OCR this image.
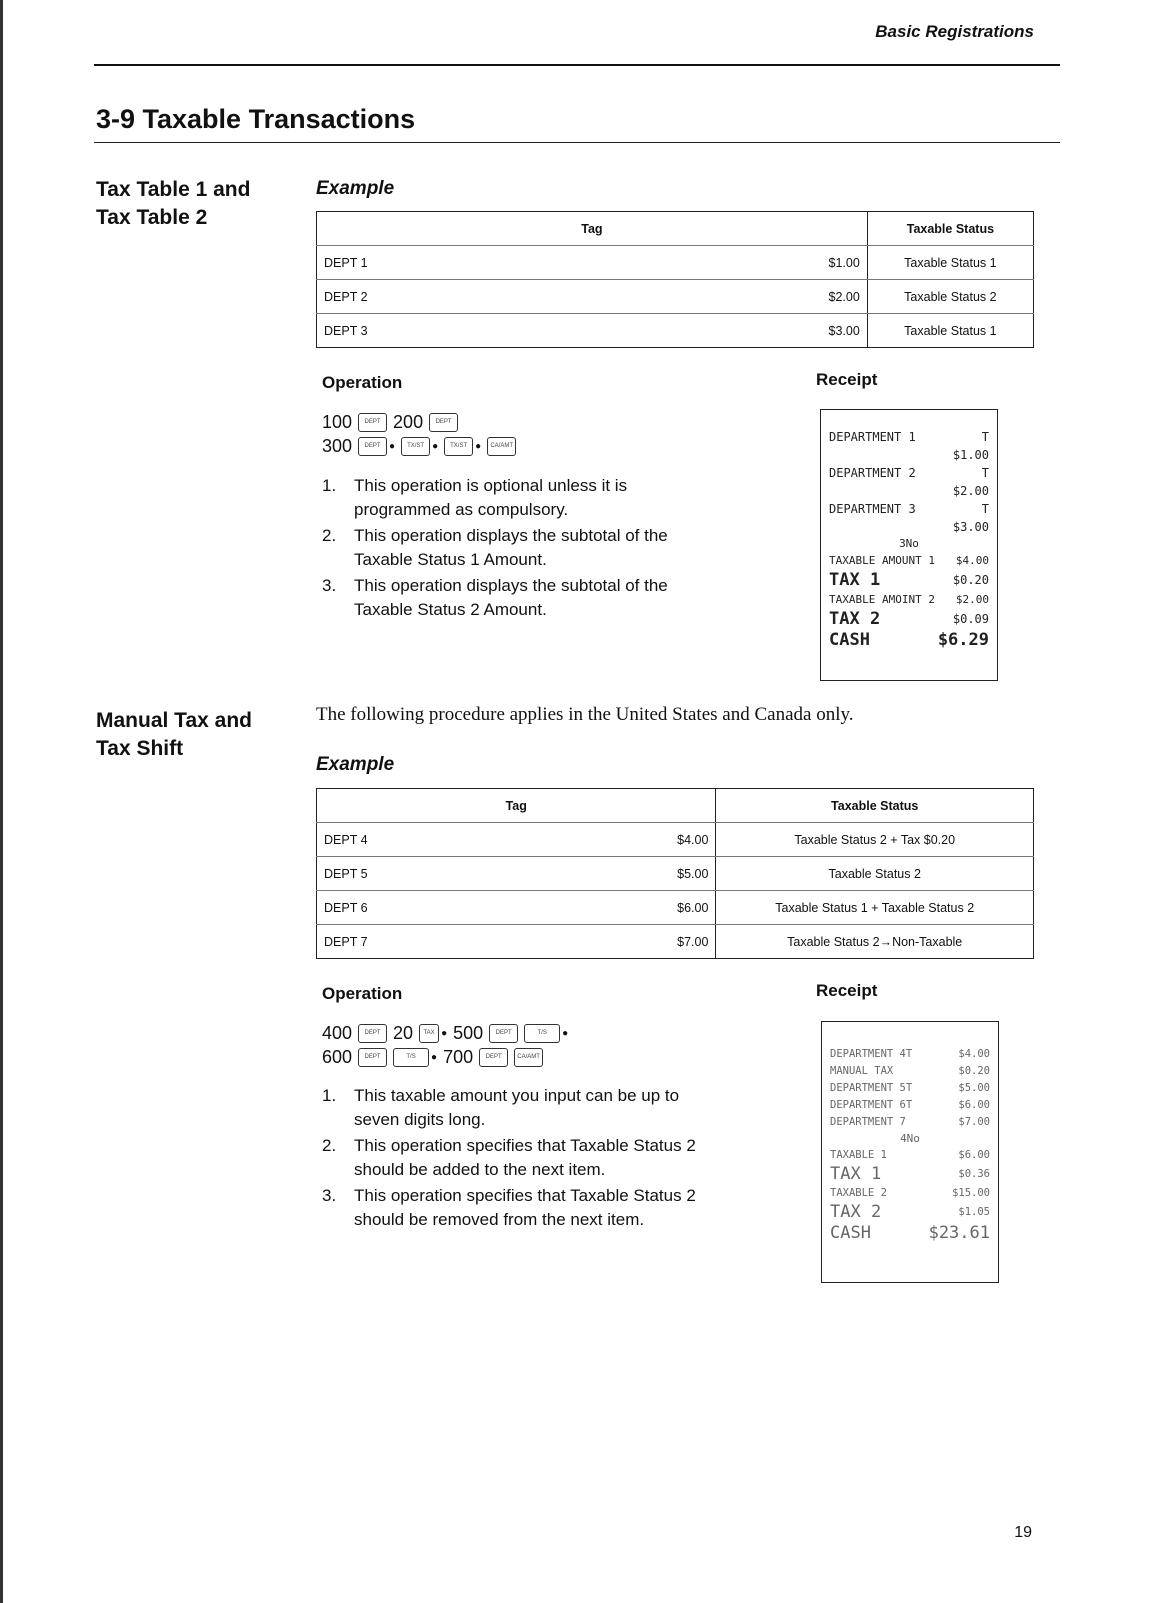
Basic Registrations
3-9 Taxable Transactions
Tax Table 1 and
Tax Table 2
Example
Tag		Taxable Status
DEPT 1	$1.00	Taxable Status 1
DEPT 2	$2.00	Taxable Status 2
DEPT 3	$3.00	Taxable Status 1
Operation	Receipt
100	DEPT 200	DEPT
300	DEPT ●	TX/ST ●	TX/ST ●	CA/AMT
1.	This operation is optional unless it is programmed as compulsory.
2.	This operation displays the subtotal of the Taxable Status 1 Amount.
3.	This operation displays the subtotal of the Taxable Status 2 Amount.
DEPARTMENT 1	T
$1.00
DEPARTMENT 2	T
$2.00
DEPARTMENT 3	T
$3.00
3No
TAXABLE AMOUNT 1 $4.00
TAX 1	$0.20
TAXABLE AMOINT 2 $2.00
TAX 2	$0.09
CASH	$6.29
Manual Tax and
Tax Shift
The following procedure applies in the United States and Canada only.
Example
Tag		Taxable Status
DEPT 4	$4.00	Taxable Status 2 + Tax $0.20
DEPT 5	$5.00	Taxable Status 2
DEPT 6	$6.00	Taxable Status 1 + Taxable Status 2
DEPT 7	$7.00	Taxable Status 2→Non-Taxable
Operation	Receipt
400	DEPT 20	TAX ● 500	DEPT	T/S	●
600	DEPT	T/S	● 700	DEPT	CA/AMT
1.	This taxable amount you input can be up to seven digits long.
2.	This operation specifies that Taxable Status 2 should be added to the next item.
3.	This operation specifies that Taxable Status 2 should be removed from the next item.
DEPARTMENT 4T	$4.00
MANUAL TAX	$0.20
DEPARTMENT 5T	$5.00
DEPARTMENT 6T	$6.00
DEPARTMENT 7	$7.00
4No
TAXABLE 1	$6.00
TAX 1	$0.36
TAXABLE 2	$15.00
TAX 2	$1.05
CASH	$23.61
19
